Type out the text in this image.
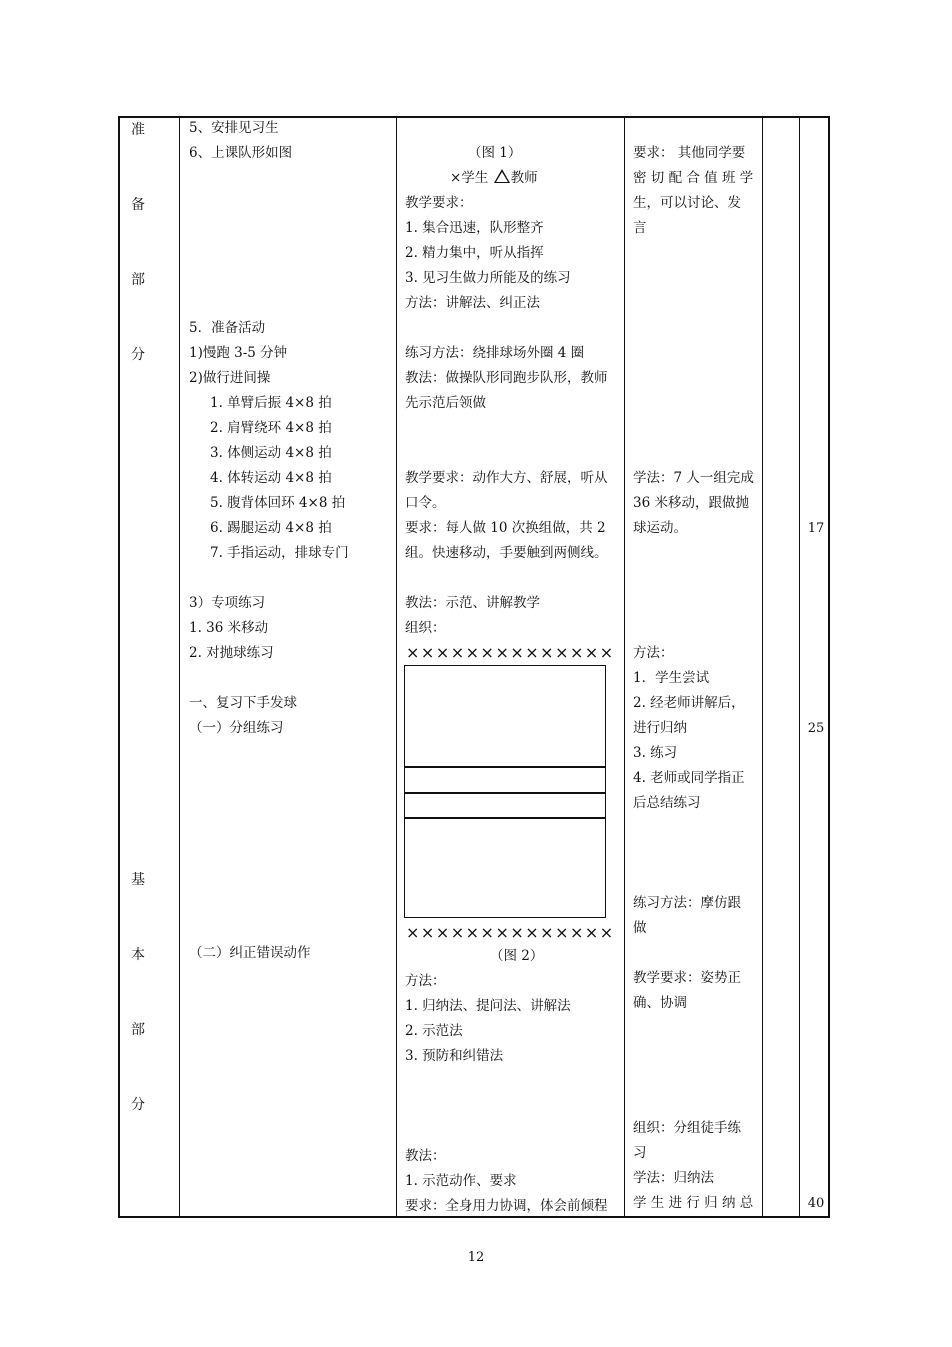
准
备
部
分
基
本
部
分
5、安排见习生
6、上课队形如图
5．准备活动
1)慢跑 3-5 分钟
2)做行进间操
1. 单臂后振 4×8 拍
2. 肩臂绕环 4×8 拍
3. 体侧运动 4×8 拍
4. 体转运动 4×8 拍
5. 腹背体回环 4×8 拍
6. 踢腿运动 4×8 拍
7. 手指运动，排球专门
3）专项练习
1. 36 米移动
2. 对抛球练习
一、复习下手发球
（一）分组练习
（二）纠正错误动作
（图 1）
×学生 教师
教学要求：
1. 集合迅速，队形整齐
2. 精力集中，听从指挥
3. 见习生做力所能及的练习
方法：讲解法、纠正法
练习方法：绕排球场外圈 4 圈
教法：做操队形同跑步队形，教师
先示范后领做
教学要求：动作大方、舒展，听从
口令。
要求：每人做 10 次换组做，共 2
组。快速移动，手要触到两侧线。
教法：示范、讲解教学
组织：
××××××××××××××
××××××××××××××
（图 2）
方法：
1. 归纳法、提问法、讲解法
2. 示范法
3. 预防和纠错法
教法：
1. 示范动作、要求
要求：全身用力协调，体会前倾程
要求： 其他同学要
密 切 配 合 值 班 学
生，可以讨论、发
言
学法：7 人一组完成
36 米移动，跟做抛
球运动。
方法：
1．学生尝试
2. 经老师讲解后，
进行归纳
3. 练习
4. 老师或同学指正
后总结练习
练习方法：摩仿跟
做
教学要求：姿势正
确、协调
组织：分组徒手练
习
学法：归纳法
学 生 进 行 归 纳 总
17
25
40
12
